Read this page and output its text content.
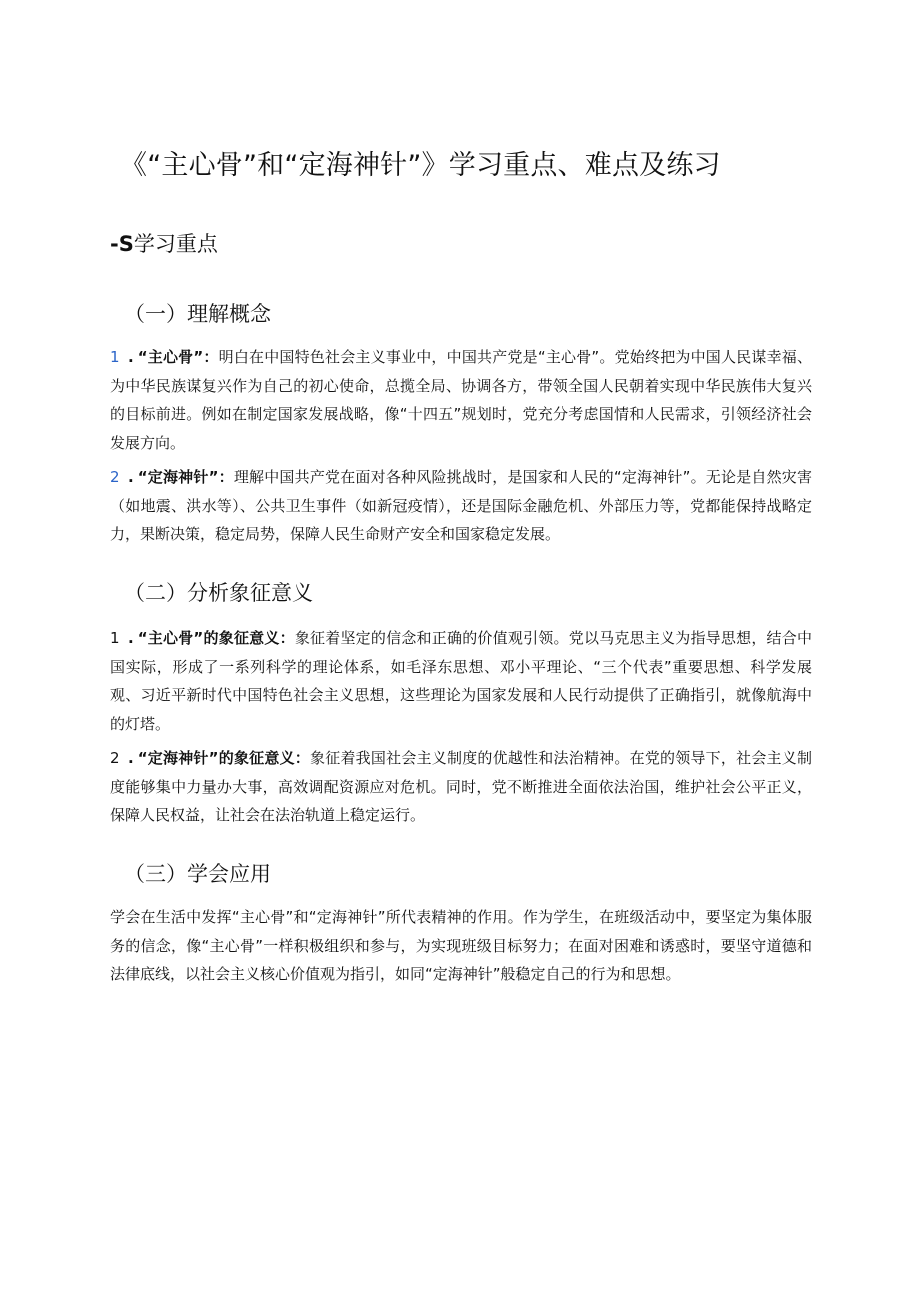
《“主心骨”和“定海神针”》学习重点、难点及练习
-S学习重点
（一）理解概念
1 . “主心骨”：明白在中国特色社会主义事业中，中国共产党是“主心骨”。党始终把为中国人民谋幸福、为中华民族谋复兴作为自己的初心使命，总揽全局、协调各方，带领全国人民朝着实现中华民族伟大复兴的目标前进。例如在制定国家发展战略，像“十四五”规划时，党充分考虑国情和人民需求，引领经济社会发展方向。
2 . “定海神针”：理解中国共产党在面对各种风险挑战时，是国家和人民的“定海神针”。无论是自然灾害（如地震、洪水等）、公共卫生事件（如新冠疫情），还是国际金融危机、外部压力等，党都能保持战略定力，果断决策，稳定局势，保障人民生命财产安全和国家稳定发展。
（二）分析象征意义
1 . “主心骨”的象征意义：象征着坚定的信念和正确的价值观引领。党以马克思主义为指导思想，结合中国实际，形成了一系列科学的理论体系，如毛泽东思想、邓小平理论、“三个代表”重要思想、科学发展观、习近平新时代中国特色社会主义思想，这些理论为国家发展和人民行动提供了正确指引，就像航海中的灯塔。
2 . “定海神针”的象征意义：象征着我国社会主义制度的优越性和法治精神。在党的领导下，社会主义制度能够集中力量办大事，高效调配资源应对危机。同时，党不断推进全面依法治国，维护社会公平正义，保障人民权益，让社会在法治轨道上稳定运行。
（三）学会应用
学会在生活中发挥“主心骨”和“定海神针”所代表精神的作用。作为学生，在班级活动中，要坚定为集体服务的信念，像“主心骨”一样积极组织和参与，为实现班级目标努力；在面对困难和诱惑时，要坚守道德和法律底线，以社会主义核心价值观为指引，如同“定海神针”般稳定自己的行为和思想。
